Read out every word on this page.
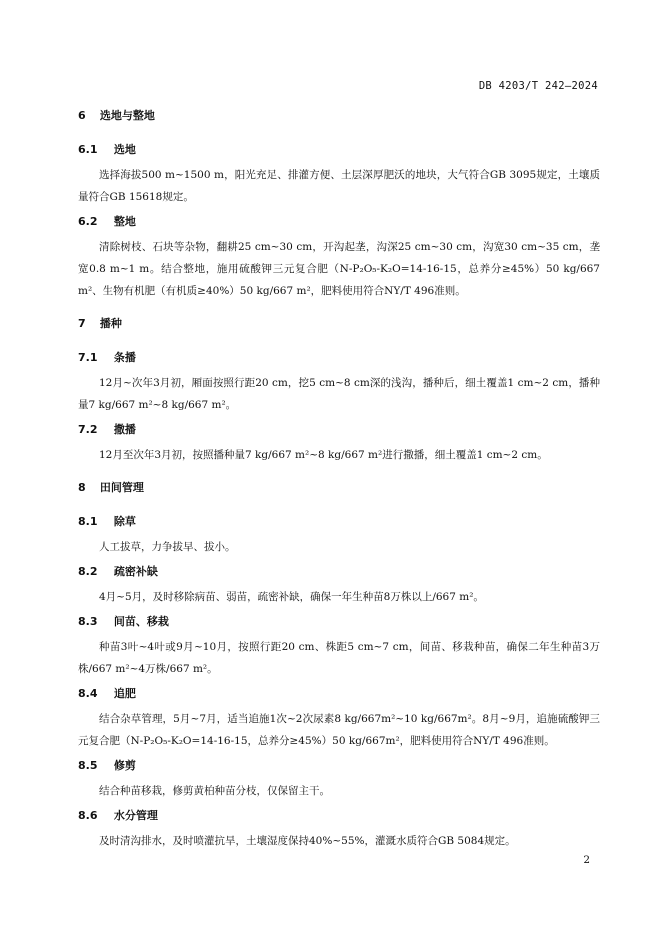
DB 4203/T 242—2024
6 选地与整地
6.1 选地

选择海拔500 m~1500 m，阳光充足、排灌方便、土层深厚肥沃的地块，大气符合GB 3095规定，土壤质量符合GB 15618规定。

6.2 整地

清除树枝、石块等杂物，翻耕25 cm~30 cm，开沟起垄，沟深25 cm~30 cm，沟宽30 cm~35 cm，垄宽0.8 m~1 m。结合整地，施用硫酸钾三元复合肥（N-P₂O₅-K₂O=14-16-15，总养分≥45%）50 kg/667 m²、生物有机肥（有机质≥40%）50 kg/667 m²，肥料使用符合NY/T 496准则。

7 播种
7.1 条播

12月~次年3月初，厢面按照行距20 cm，挖5 cm~8 cm深的浅沟，播种后，细土覆盖1 cm~2 cm，播种量7 kg/667 m²~8 kg/667 m²。

7.2 撒播

12月至次年3月初，按照播种量7 kg/667 m²~8 kg/667 m²进行撒播，细土覆盖1 cm~2 cm。

8 田间管理
8.1 除草

人工拔草，力争拔早、拔小。

8.2 疏密补缺

4月~5月，及时移除病苗、弱苗，疏密补缺，确保一年生种苗8万株以上/667 m²。

8.3 间苗、移栽

种苗3叶~4叶或9月~10月，按照行距20 cm、株距5 cm~7 cm，间苗、移栽种苗，确保二年生种苗3万株/667 m²~4万株/667 m²。

8.4 追肥

结合杂草管理，5月~7月，适当追施1次~2次尿素8 kg/667m²~10 kg/667m²。8月~9月，追施硫酸钾三元复合肥（N-P₂O₅-K₂O=14-16-15，总养分≥45%）50 kg/667m²，肥料使用符合NY/T 496准则。

8.5 修剪

结合种苗移栽，修剪黄柏种苗分枝，仅保留主干。

8.6 水分管理

及时清沟排水，及时喷灌抗旱，土壤湿度保持40%~55%，灌溉水质符合GB 5084规定。

2
